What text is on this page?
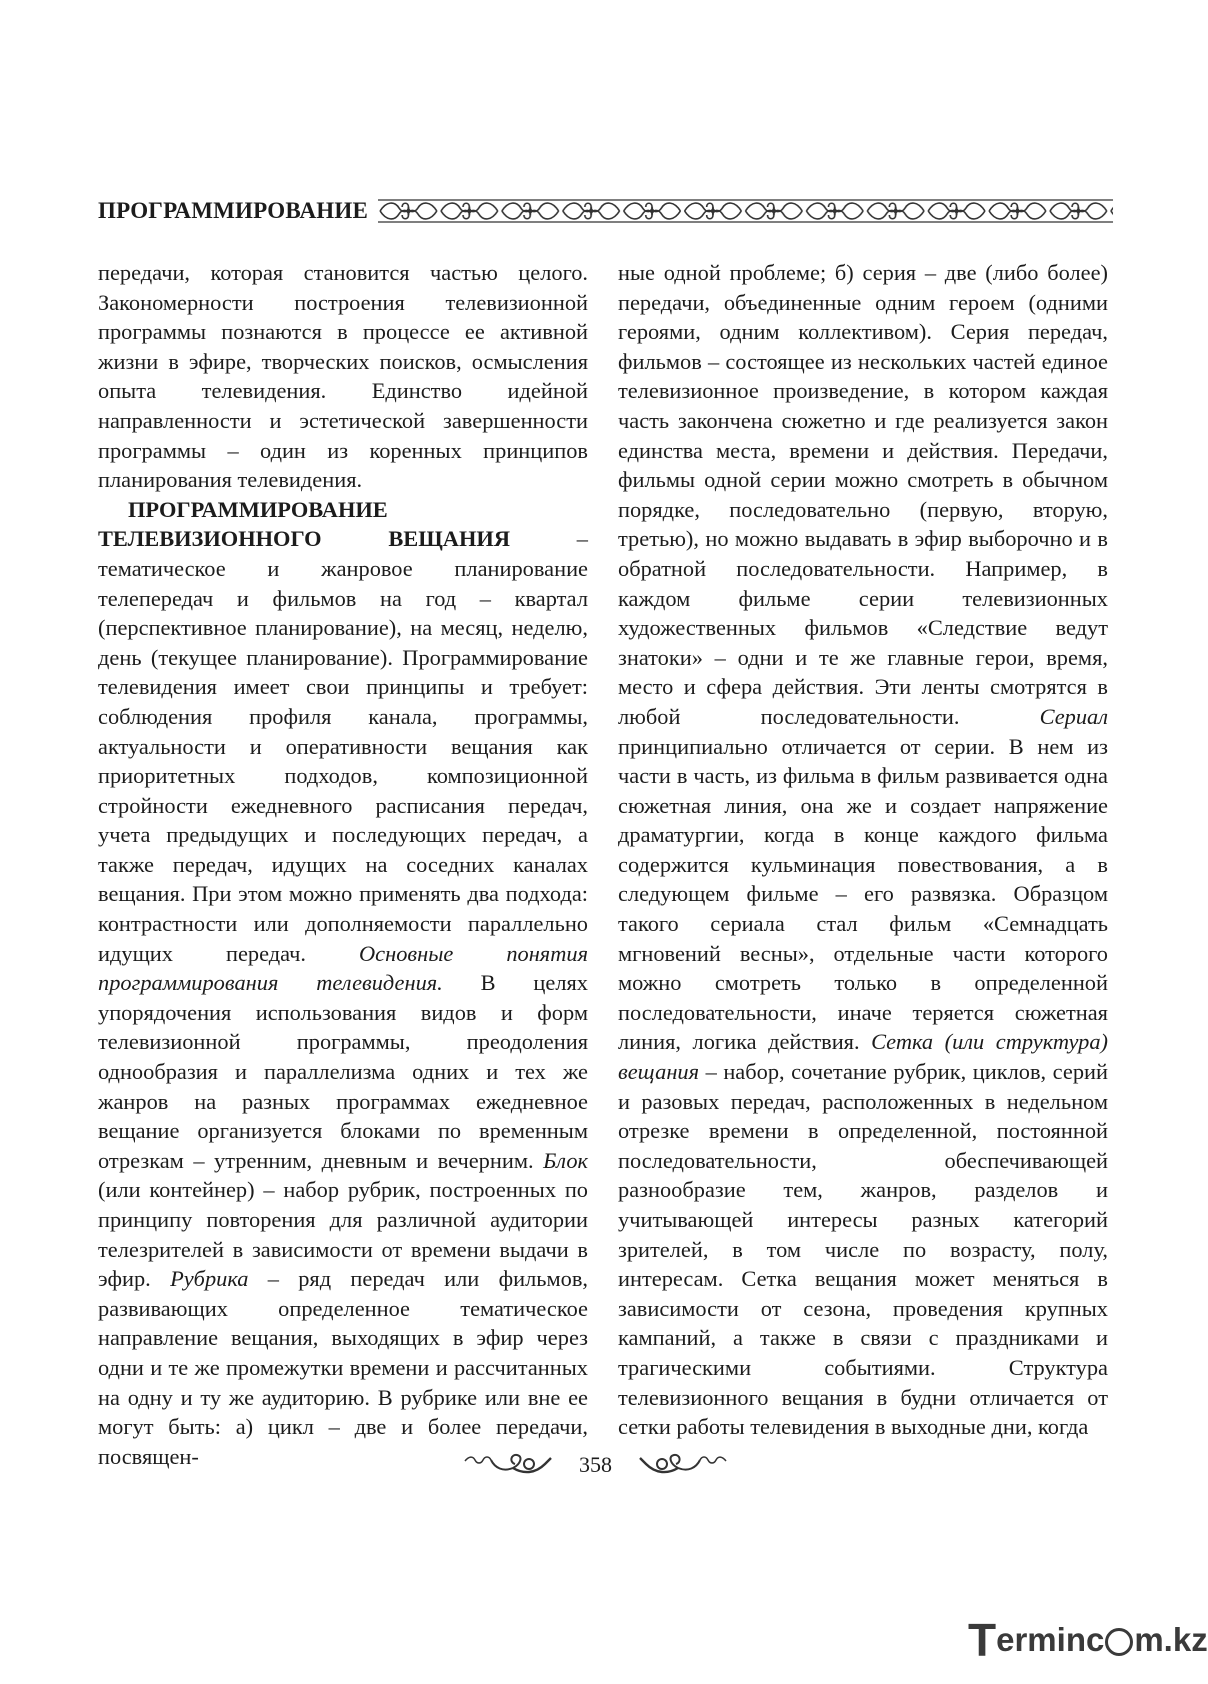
ПРОГРАММИРОВАНИЕ

передачи, которая становится частью целого. Закономерности построения телевизионной программы познаются в процессе ее активной жизни в эфире, творческих поисков, осмысления опыта телевидения. Единство идейной направленности и эстетической завершенности программы – один из коренных принципов планирования телевидения.

ПРОГРАММИРОВАНИЕ ТЕЛЕВИЗИОННОГО ВЕЩАНИЯ – тематическое и жанровое планирование телепередач и фильмов на год – квартал (перспективное планирование), на месяц, неделю, день (текущее планирование). Программирование телевидения имеет свои принципы и требует: соблюдения профиля канала, программы, актуальности и оперативности вещания как приоритетных подходов, композиционной стройности ежедневного расписания передач, учета предыдущих и последующих передач, а также передач, идущих на соседних каналах вещания. При этом можно применять два подхода: контрастности или дополняемости параллельно идущих передач. Основные понятия программирования телевидения. В целях упорядочения использования видов и форм телевизионной программы, преодоления однообразия и параллелизма одних и тех же жанров на разных программах ежедневное вещание организуется блоками по временным отрезкам – утренним, дневным и вечерним. Блок (или контейнер) – набор рубрик, построенных по принципу повторения для различной аудитории телезрителей в зависимости от времени выдачи в эфир. Рубрика – ряд передач или фильмов, развивающих определенное тематическое направление вещания, выходящих в эфир через одни и те же промежутки времени и рассчитанных на одну и ту же аудиторию. В рубрике или вне ее могут быть: а) цикл – две и более передачи, посвящен-

ные одной проблеме; б) серия – две (либо более) передачи, объединенные одним героем (одними героями, одним коллективом). Серия передач, фильмов – состоящее из нескольких частей единое телевизионное произведение, в котором каждая часть закончена сюжетно и где реализуется закон единства места, времени и действия. Передачи, фильмы одной серии можно смотреть в обычном порядке, последовательно (первую, вторую, третью), но можно выдавать в эфир выборочно и в обратной последовательности. Например, в каждом фильме серии телевизионных художественных фильмов «Следствие ведут знатоки» – одни и те же главные герои, время, место и сфера действия. Эти ленты смотрятся в любой последовательности. Сериал принципиально отличается от серии. В нем из части в часть, из фильма в фильм развивается одна сюжетная линия, она же и создает напряжение драматургии, когда в конце каждого фильма содержится кульминация повествования, а в следующем фильме – его развязка. Образцом такого сериала стал фильм «Семнадцать мгновений весны», отдельные части которого можно смотреть только в определенной последовательности, иначе теряется сюжетная линия, логика действия. Сетка (или структура) вещания – набор, сочетание рубрик, циклов, серий и разовых передач, расположенных в недельном отрезке времени в определенной, постоянной последовательности, обеспечивающей разнообразие тем, жанров, разделов и учитывающей интересы разных категорий зрителей, в том числе по возрасту, полу, интересам. Сетка вещания может меняться в зависимости от сезона, проведения крупных кампаний, а также в связи с праздниками и трагическими событиями. Структура телевизионного вещания в будни отличается от сетки работы телевидения в выходные дни, когда

358
T erminc m.kz
